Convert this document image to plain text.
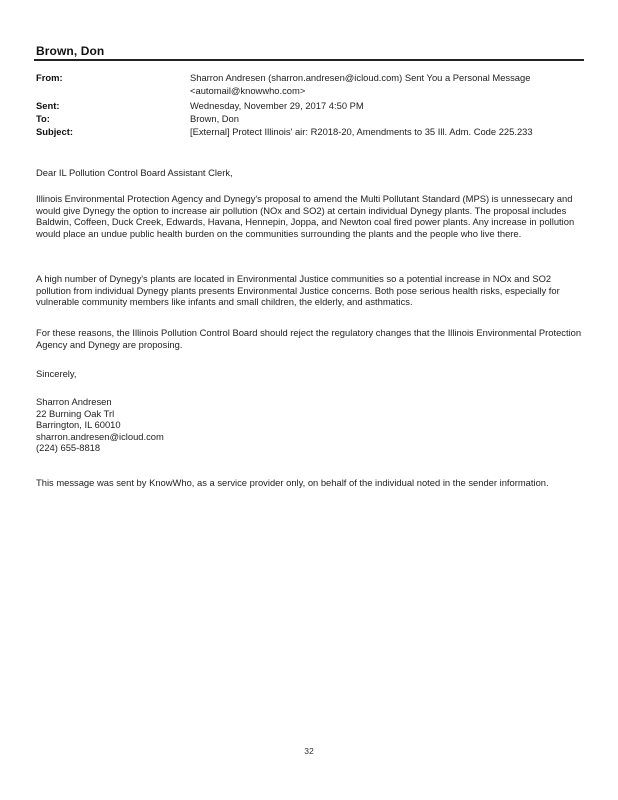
Brown, Don
From:	Sharron Andresen (sharron.andresen@icloud.com) Sent You a Personal Message
<automail@knowwho.com>
Sent:	Wednesday, November 29, 2017 4:50 PM
To:	Brown, Don
Subject:	[External] Protect Illinois' air: R2018-20, Amendments to 35 Ill. Adm. Code 225.233
Dear IL Pollution Control Board Assistant Clerk,

Illinois Environmental Protection Agency and Dynegy's proposal to amend the Multi Pollutant Standard (MPS) is unnessecary and would give Dynegy the option to increase air pollution (NOx and SO2) at certain individual Dynegy plants. The proposal includes Baldwin, Coffeen, Duck Creek, Edwards, Havana, Hennepin, Joppa, and Newton coal fired power plants. Any increase in pollution would place an undue public health burden on the communities surrounding the plants and the people who live there.

A high number of Dynegy's plants are located in Environmental Justice communities so a potential increase in NOx and SO2 pollution from individual Dynegy plants presents Environmental Justice concerns. Both pose serious health risks, especially for vulnerable community members like infants and small children, the elderly, and asthmatics.

For these reasons, the Illinois Pollution Control Board should reject the regulatory changes that the Illinois Environmental Protection Agency and Dynegy are proposing.

Sincerely,
Sharron Andresen
22 Burning Oak Trl
Barrington, IL 60010
sharron.andresen@icloud.com
(224) 655-8818

This message was sent by KnowWho, as a service provider only, on behalf of the individual noted in the sender information.

32
